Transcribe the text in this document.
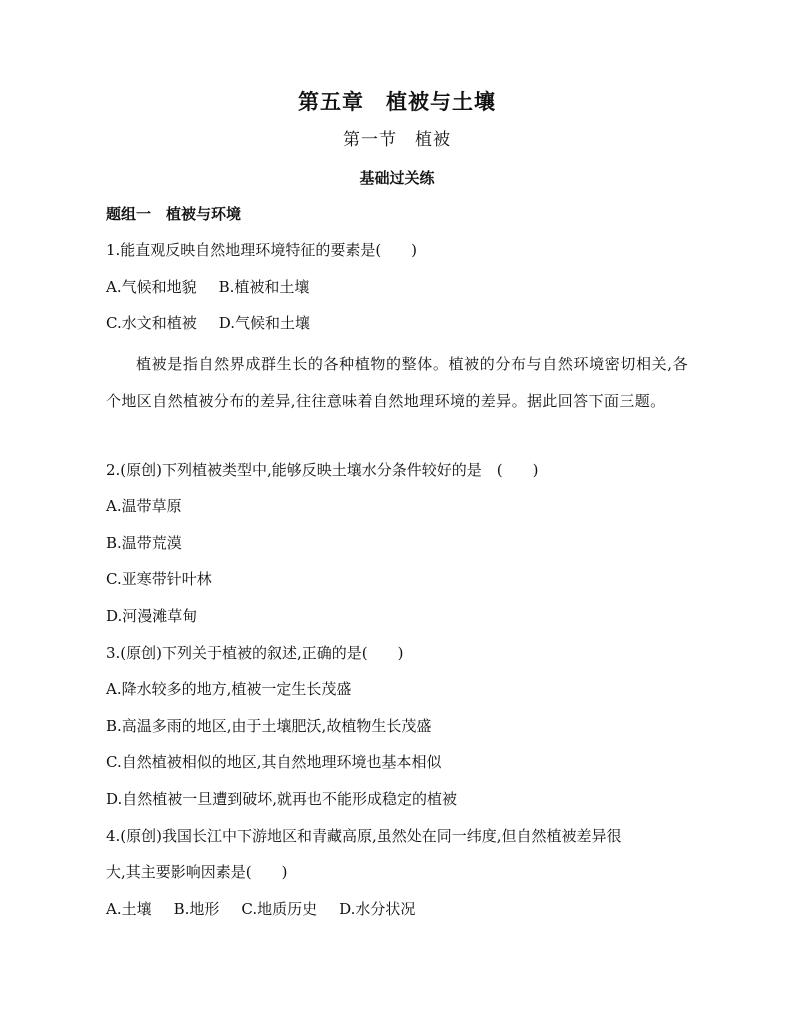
第五章　植被与土壤
第一节　植被
基础过关练
题组一　植被与环境
1.能直观反映自然地理环境特征的要素是(　　)
A.气候和地貌 B.植被和土壤
C.水文和植被 D.气候和土壤
植被是指自然界成群生长的各种植物的整体。植被的分布与自然环境密切相关,各个地区自然植被分布的差异,往往意味着自然地理环境的差异。据此回答下面三题。
2.(原创)下列植被类型中,能够反映土壤水分条件较好的是　(　　)
A.温带草原
B.温带荒漠
C.亚寒带针叶林
D.河漫滩草甸
3.(原创)下列关于植被的叙述,正确的是(　　)
A.降水较多的地方,植被一定生长茂盛
B.高温多雨的地区,由于土壤肥沃,故植物生长茂盛
C.自然植被相似的地区,其自然地理环境也基本相似
D.自然植被一旦遭到破坏,就再也不能形成稳定的植被
4.(原创)我国长江中下游地区和青藏高原,虽然处在同一纬度,但自然植被差异很
大,其主要影响因素是(　　)
A.土壤 B.地形 C.地质历史 D.水分状况
